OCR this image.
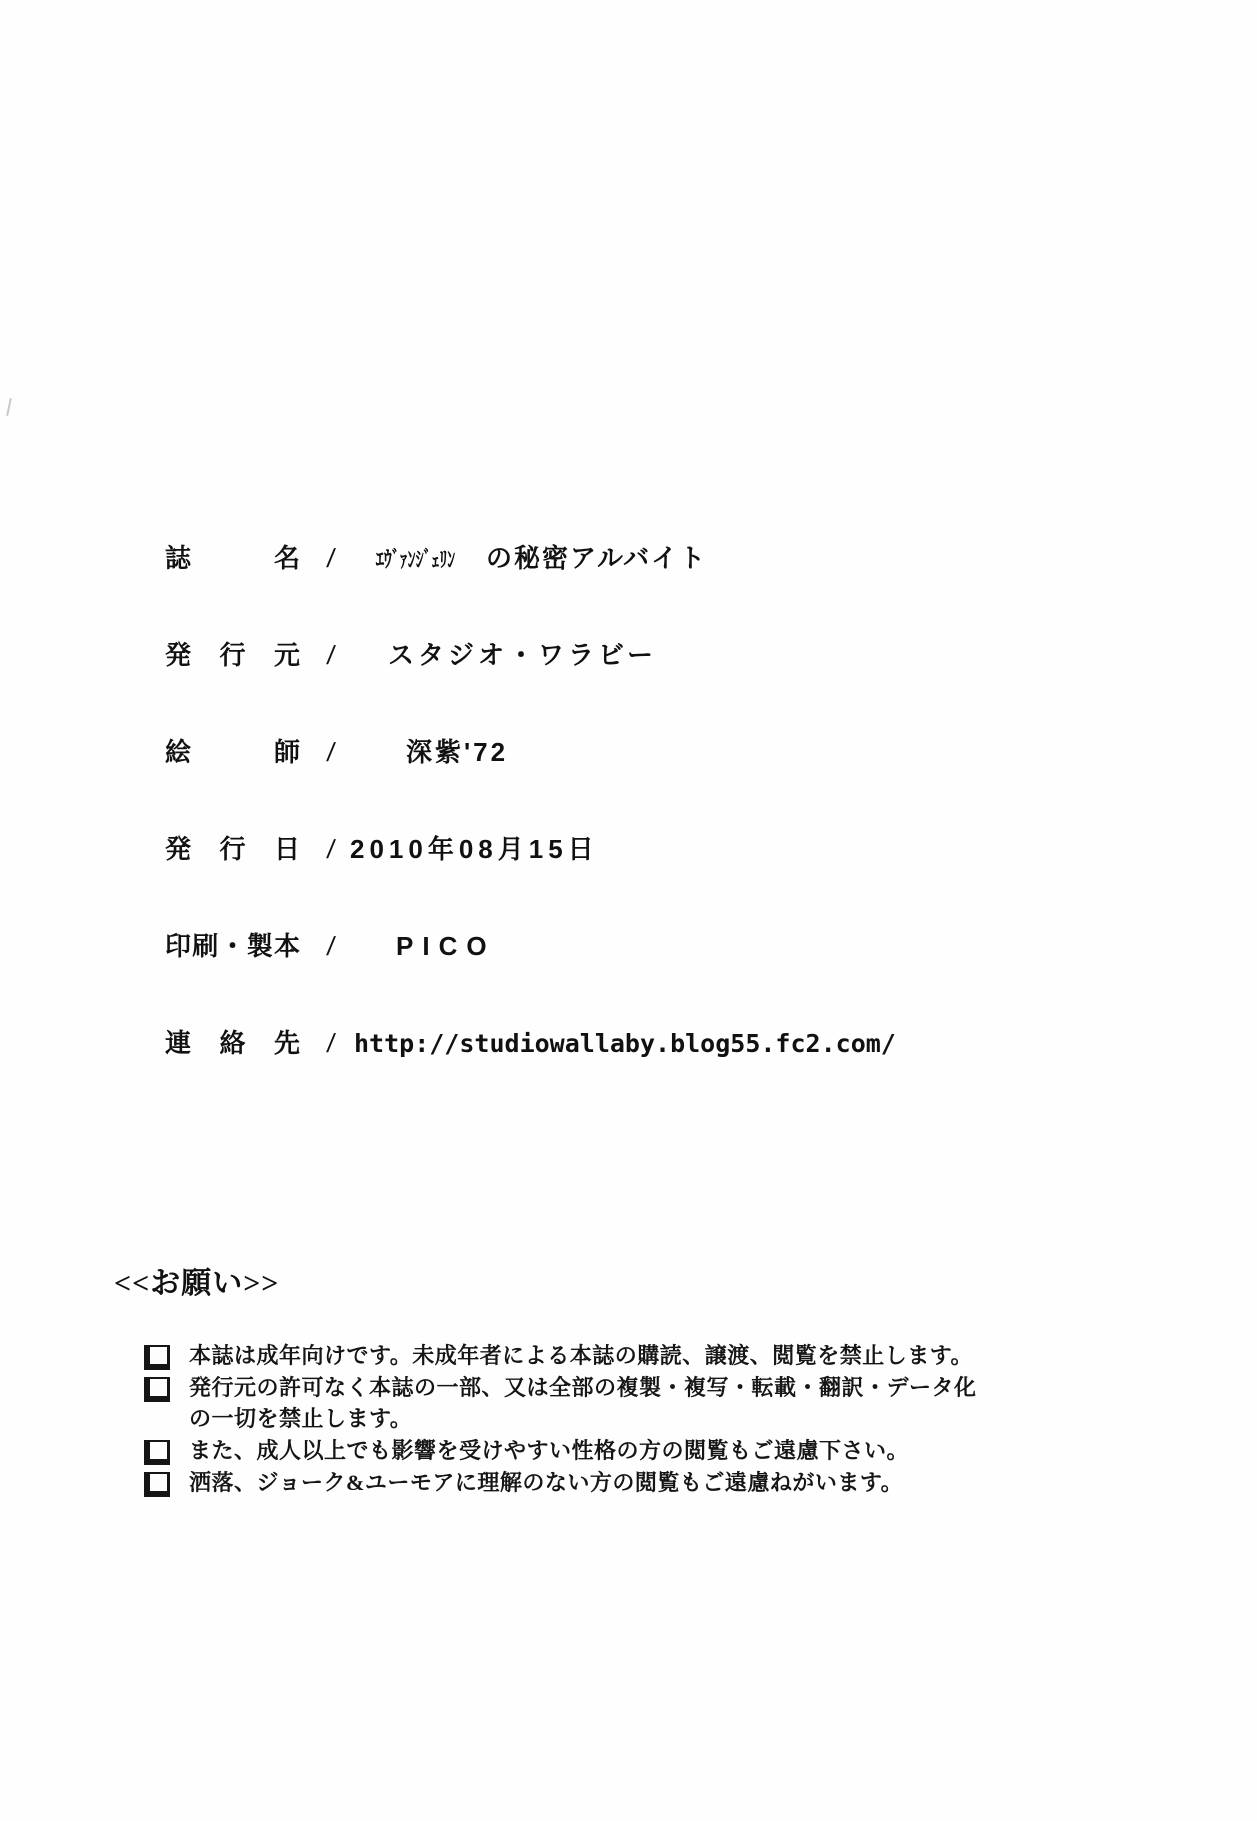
誌名 /	ｴｳﾞｧﾝｼﾞｪﾘﾝ の秘密アルバイト
発行元 /	スタジオ・ワラビー
絵師 /	深紫'72
発行日 / 2010年08月15日
印刷・製本 /	PICO
連絡先 / http://studiowallaby.blog55.fc2.com/
<<お願い>>
本誌は成年向けです。未成年者による本誌の購読、譲渡、閲覧を禁止します。
発行元の許可なく本誌の一部、又は全部の複製・複写・転載・翻訳・データ化
の一切を禁止します。
また、成人以上でも影響を受けやすい性格の方の閲覧もご遠慮下さい。
洒落、ジョーク&ユーモアに理解のない方の閲覧もご遠慮ねがいます。
